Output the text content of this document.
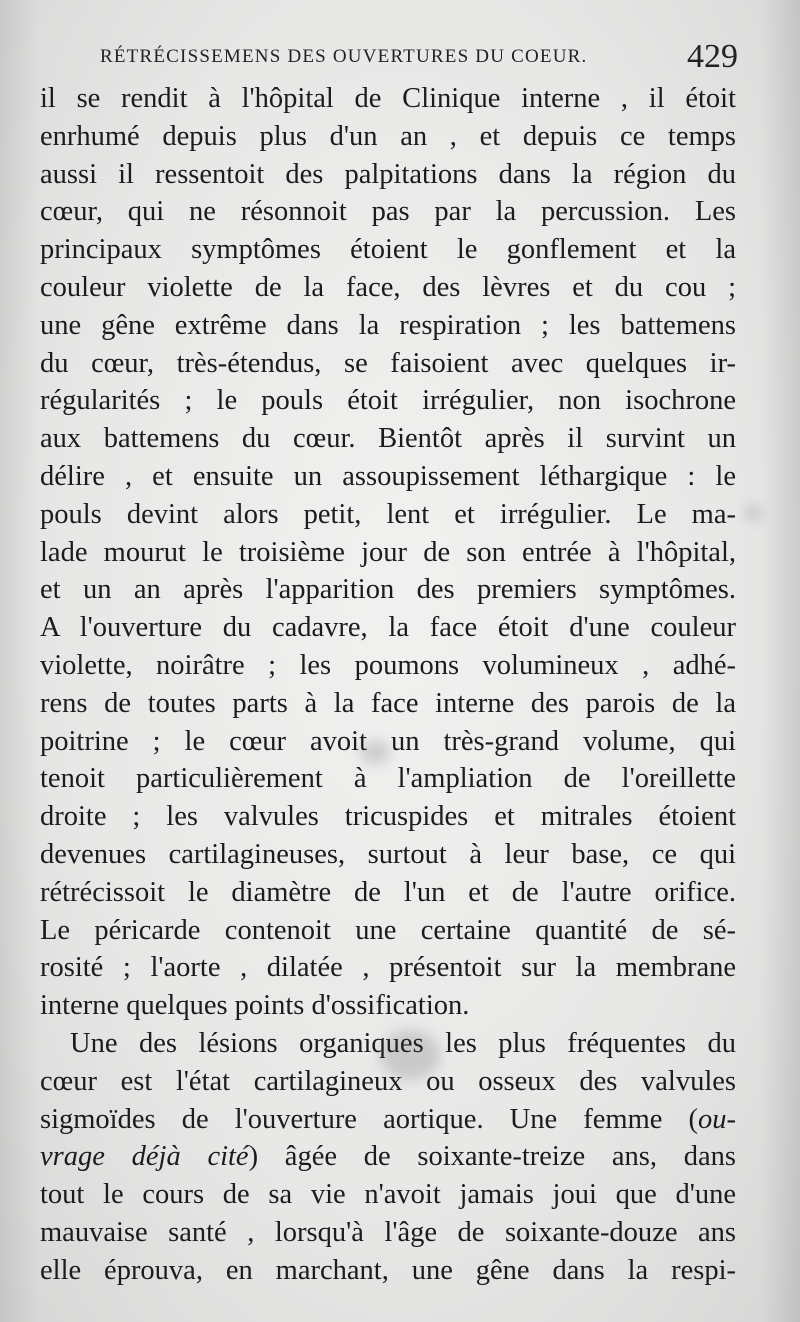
RÉTRÉCISSEMENS DES OUVERTURES DU COEUR.	429
il se rendit à l'hôpital de Clinique interne , il étoit
enrhumé depuis plus d'un an , et depuis ce temps
aussi il ressentoit des palpitations dans la région du
cœur, qui ne résonnoit pas par la percussion. Les
principaux symptômes étoient le gonflement et la
couleur violette de la face, des lèvres et du cou ;
une gêne extrême dans la respiration ; les battemens
du cœur, très-étendus, se faisoient avec quelques ir-
régularités ; le pouls étoit irrégulier, non isochrone
aux battemens du cœur. Bientôt après il survint un
délire , et ensuite un assoupissement léthargique : le
pouls devint alors petit, lent et irrégulier. Le ma-
lade mourut le troisième jour de son entrée à l'hôpital,
et un an après l'apparition des premiers symptômes.
A l'ouverture du cadavre, la face étoit d'une couleur
violette, noirâtre ; les poumons volumineux , adhé-
rens de toutes parts à la face interne des parois de la
poitrine ; le cœur avoit un très-grand volume, qui
tenoit particulièrement à l'ampliation de l'oreillette
droite ; les valvules tricuspides et mitrales étoient
devenues cartilagineuses, surtout à leur base, ce qui
rétrécissoit le diamètre de l'un et de l'autre orifice.
Le péricarde contenoit une certaine quantité de sé-
rosité ; l'aorte , dilatée , présentoit sur la membrane
interne quelques points d'ossification.
Une des lésions organiques les plus fréquentes du
cœur est l'état cartilagineux ou osseux des valvules
sigmoïdes de l'ouverture aortique. Une femme (ou-
vrage déjà cité) âgée de soixante-treize ans, dans
tout le cours de sa vie n'avoit jamais joui que d'une
mauvaise santé , lorsqu'à l'âge de soixante-douze ans
elle éprouva, en marchant, une gêne dans la respi-
